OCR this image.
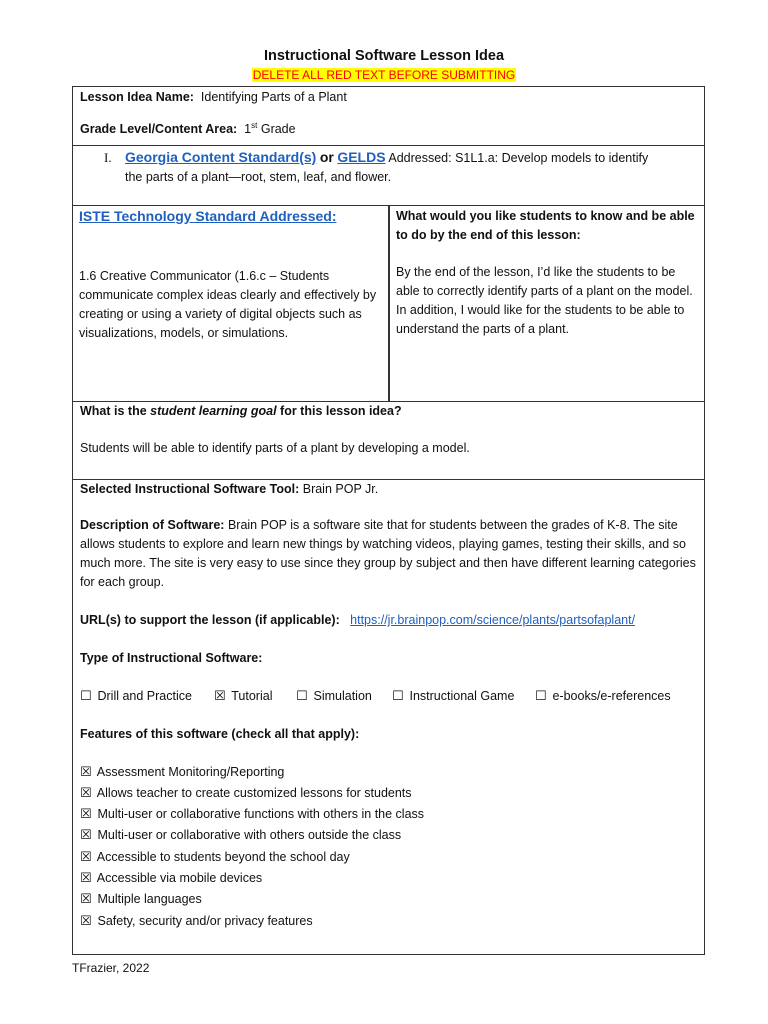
Instructional Software Lesson Idea
DELETE ALL RED TEXT BEFORE SUBMITTING
Lesson Idea Name: Identifying Parts of a Plant
Grade Level/Content Area: 1st Grade
I. Georgia Content Standard(s) or GELDS Addressed: S1L1.a: Develop models to identify
the parts of a plant—root, stem, leaf, and flower.
ISTE Technology Standard Addressed:
1.6 Creative Communicator (1.6.c – Students communicate complex ideas clearly and effectively by creating or using a variety of digital objects such as visualizations, models, or simulations.
What would you like students to know and be able to do by the end of this lesson:
By the end of the lesson, I’d like the students to be able to correctly identify parts of a plant on the model. In addition, I would like for the students to be able to understand the parts of a plant.
What is the student learning goal for this lesson idea?
Students will be able to identify parts of a plant by developing a model.
Selected Instructional Software Tool: Brain POP Jr.
Description of Software: Brain POP is a software site that for students between the grades of K-8. The site allows students to explore and learn new things by watching videos, playing games, testing their skills, and so much more. The site is very easy to use since they group by subject and then have different learning categories for each group.
URL(s) to support the lesson (if applicable): https://jr.brainpop.com/science/plants/partsofaplant/
Type of Instructional Software:
☐ Drill and Practice ☒ Tutorial ☐ Simulation ☐ Instructional Game ☐ e-books/e-references
Features of this software (check all that apply):
☒ Assessment Monitoring/Reporting
☒ Allows teacher to create customized lessons for students
☒ Multi-user or collaborative functions with others in the class
☒ Multi-user or collaborative with others outside the class
☒ Accessible to students beyond the school day
☒ Accessible via mobile devices
☒ Multiple languages
☒ Safety, security and/or privacy features
TFrazier, 2022
